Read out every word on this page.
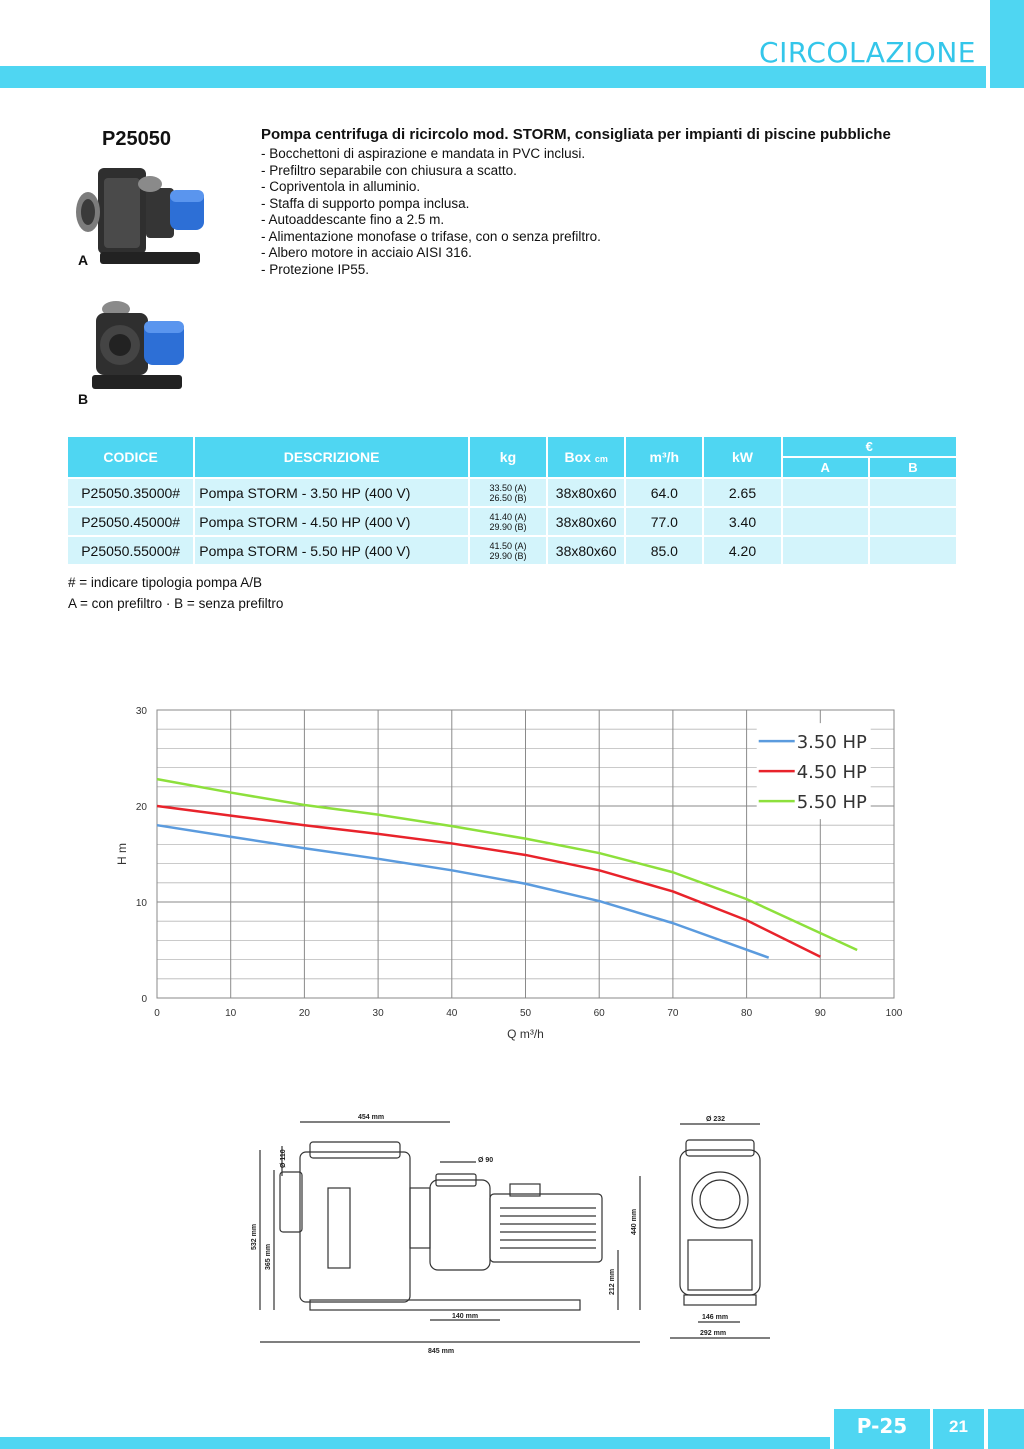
CIRCOLAZIONE
P25050
A
B
Pompa centrifuga di ricircolo mod. STORM, consigliata per impianti di piscine pubbliche
- Bocchettoni di aspirazione e mandata in PVC inclusi.
- Prefiltro separabile con chiusura a scatto.
- Copriventola in alluminio.
- Staffa di supporto pompa inclusa.
- Autoaddescante fino a 2.5 m.
- Alimentazione monofase o trifase, con o senza prefiltro.
- Albero motore in acciaio AISI 316.
- Protezione IP55.
CODICE	DESCRIZIONE	kg	Box cm	m³/h	kW	€	
						A	B
P25050.35000#	Pompa STORM - 3.50 HP (400 V)	33.50 (A)
26.50 (B)	38x80x60	64.0	2.65		
P25050.45000#	Pompa STORM - 4.50 HP (400 V)	41.40 (A)
29.90 (B)	38x80x60	77.0	3.40		
P25050.55000#	Pompa STORM - 5.50 HP (400 V)	41.50 (A)
29.90 (B)	38x80x60	85.0	4.20		
# = indicare tipologia pompa A/B
A = con prefiltro · B = senza prefiltro
0	10	20	30	40	50	60	70	80	90	100
0
10
20
30
Q m³/h
H m
3.50 HP
4.50 HP
5.50 HP
454 mm
Ø 110	Ø 90
532 mm
365 mm
440 mm
212 mm
140 mm
845 mm
Ø 232
146 mm
292 mm
P-25	21
